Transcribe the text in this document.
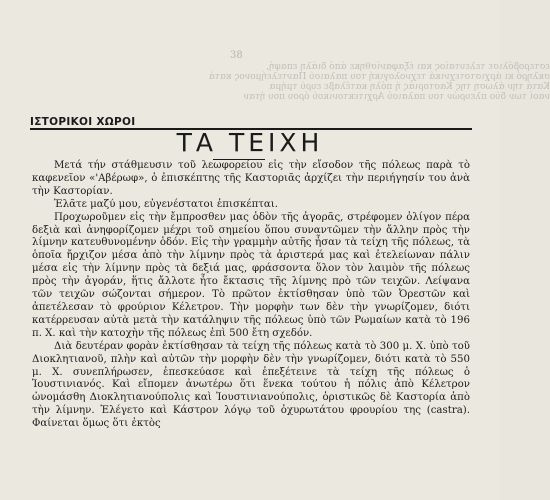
εστεροβόλισε τελευταίος και έξαφανίσθηκε άπό διάλη επαφή,
σκληρό κι άρχιστοτεχνικά τεχνολογική του παλαιού Παντελεήμονος κατά
Κατά την άλωση της Καστοριάς ή πόλη κατέλαβε ευρύ τμήμα
ναοί των δύο πλευρών του παλαιού Αρχιτεκτονικού όρου που ήταν
38
ΙΣΤΟΡΙΚΟΙ ΧΩΡΟΙ
ΤΑ ΤΕΙΧΗ

Μετά τήν στάθμευσιν τοῦ λεωφορείου εἰς τὴν εἴσοδον τῆς πόλεως παρὰ τὸ καφενεῖον «'Αβέρωφ», ὁ ἐπισκέπτης τῆς Καστοριᾶς ἀρχίζει τὴν περιήγησίν του ἀνὰ τὴν Καστορίαν.

Ἐλᾶτε μαζύ μου, εὐγενέστατοι ἐπισκέπται.

Προχωροῦμεν εἰς τὴν ἔμπροσθεν μας ὁδὸν τῆς ἀγορᾶς, στρέφομεν ὀλίγον πέρα δεξιὰ καὶ ἀνηφορίζομεν μέχρι τοῦ σημείου ὅπου συναντῶμεν τὴν ἄλλην πρὸς τὴν λίμνην κατευθυνομένην ὁδόν. Εἰς τὴν γραμμὴν αὐτῆς ἦσαν τὰ τείχη τῆς πόλεως, τὰ ὁποῖα ἤρχιζον μέσα ἀπὸ τὴν λίμνην πρὸς τὰ ἀριστερά μας καὶ ἐτελείωναν πάλιν μέσα εἰς τὴν λίμνην πρὸς τὰ δεξιά μας, φράσσοντα ὅλον τὸν λαιμὸν τῆς πόλεως πρὸς τὴν ἀγοράν, ἥτις ἄλλοτε ἦτο ἔκτασις τῆς λίμνης πρὸ τῶν τειχῶν. Λείψανα τῶν τειχῶν σώζονται σήμερον. Τὸ πρῶτον ἐκτίσθησαν ὑπὸ τῶν Ὀρεστῶν καὶ ἀπετέλεσαν τὸ φρούριον Κέλετρον. Τὴν μορφὴν των δὲν τὴν γνωρίζομεν, διότι κατέρρευσαν αὐτὰ μετὰ τὴν κατάληψιν τῆς πόλεως ὑπὸ τῶν Ρωμαίων κατὰ τὸ 196 π. Χ. καὶ τὴν κατοχὴν τῆς πόλεως ἐπὶ 500 ἔτη σχεδόν.

Διὰ δευτέραν φορὰν ἐκτίσθησαν τὰ τείχη τῆς πόλεως κατὰ τὸ 300 μ. Χ. ὑπὸ τοῦ Διοκλητιανοῦ, πλὴν καὶ αὐτῶν τὴν μορφὴν δὲν τὴν γνωρίζομεν, διότι κατὰ τὸ 550 μ. Χ. συνεπλήρωσεν, ἐπεσκεύασε καὶ ἐπεξέτεινε τὰ τείχη τῆς πόλεως ὁ Ἰουστινιανός. Καὶ εἴπομεν ἀνωτέρω ὅτι ἕνεκα τούτου ἡ πόλις ἀπὸ Κέλετρον ὠνομάσθη Διοκλητιανούπολις καὶ Ἰουστινιανούπολις, ὁριστικῶς δὲ Καστορία ἀπὸ τὴν λίμνην. Ἐλέγετο καὶ Κάστρον λόγῳ τοῦ ὀχυρωτάτου φρουρίου της (castra). Φαίνεται ὅμως ὅτι ἐκτὸς
